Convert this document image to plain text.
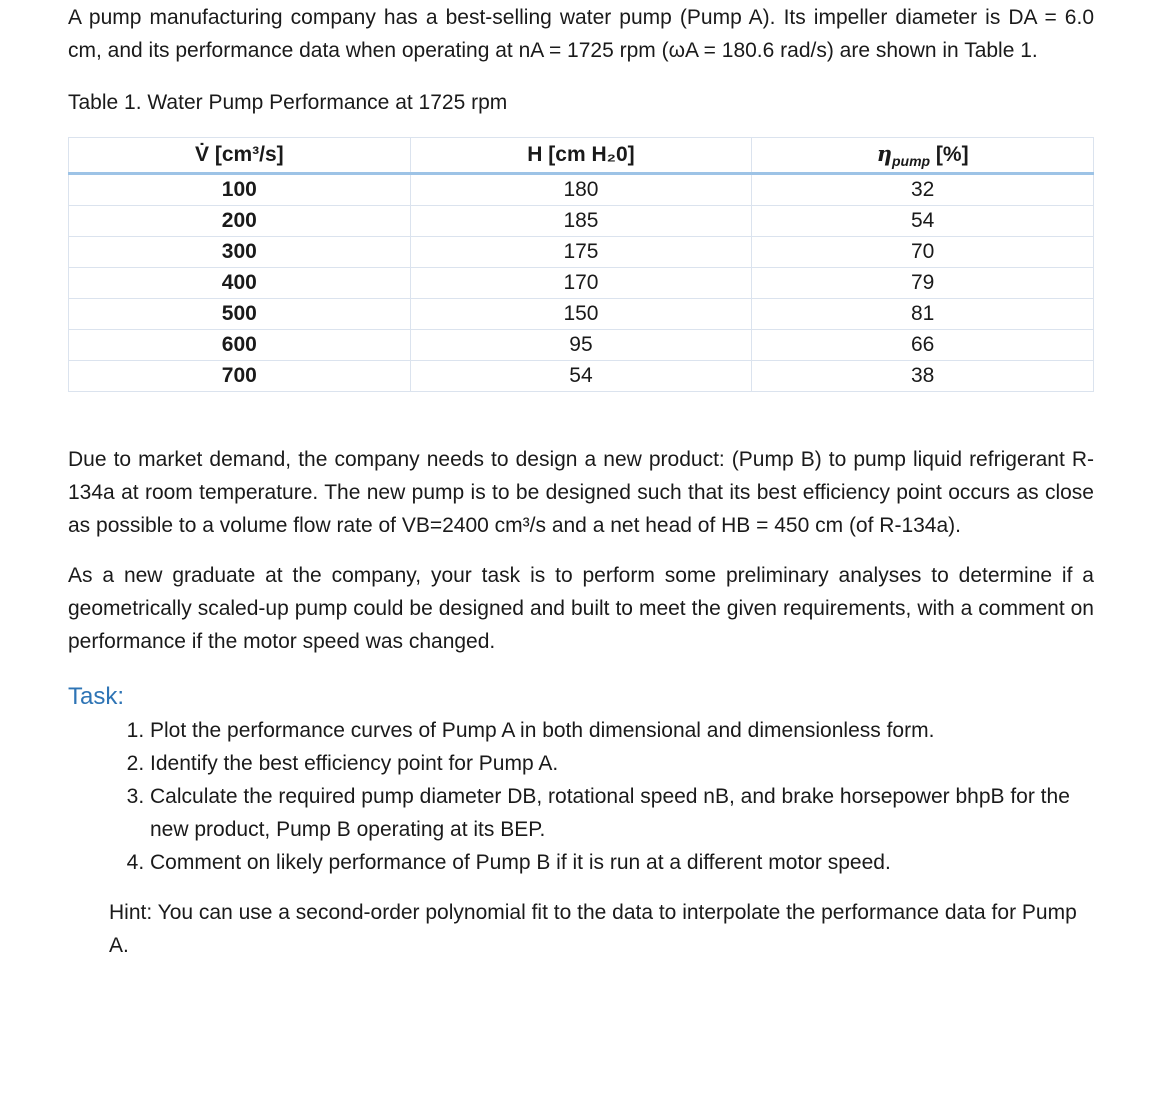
A pump manufacturing company has a best-selling water pump (Pump A). Its impeller diameter is DA = 6.0 cm, and its performance data when operating at nA = 1725 rpm (ωA = 180.6 rad/s) are shown in Table 1.

Table 1. Water Pump Performance at 1725 rpm

V̇ [cm³/s]	H [cm H₂0]	$\eta_{pump}$ [%]
100	180	32
200	185	54
300	175	70
400	170	79
500	150	81
600	95	66
700	54	38

Due to market demand, the company needs to design a new product: (Pump B) to pump liquid refrigerant R-134a at room temperature. The new pump is to be designed such that its best efficiency point occurs as close as possible to a volume flow rate of VB=2400 cm³/s and a net head of HB = 450 cm (of R-134a).

As a new graduate at the company, your task is to perform some preliminary analyses to determine if a geometrically scaled-up pump could be designed and built to meet the given requirements, with a comment on performance if the motor speed was changed.

Task:
1. Plot the performance curves of Pump A in both dimensional and dimensionless form.
2. Identify the best efficiency point for Pump A.
3. Calculate the required pump diameter DB, rotational speed nB, and brake horsepower bhpB for the new product, Pump B operating at its BEP.
4. Comment on likely performance of Pump B if it is run at a different motor speed.

Hint: You can use a second-order polynomial fit to the data to interpolate the performance data for Pump A.
